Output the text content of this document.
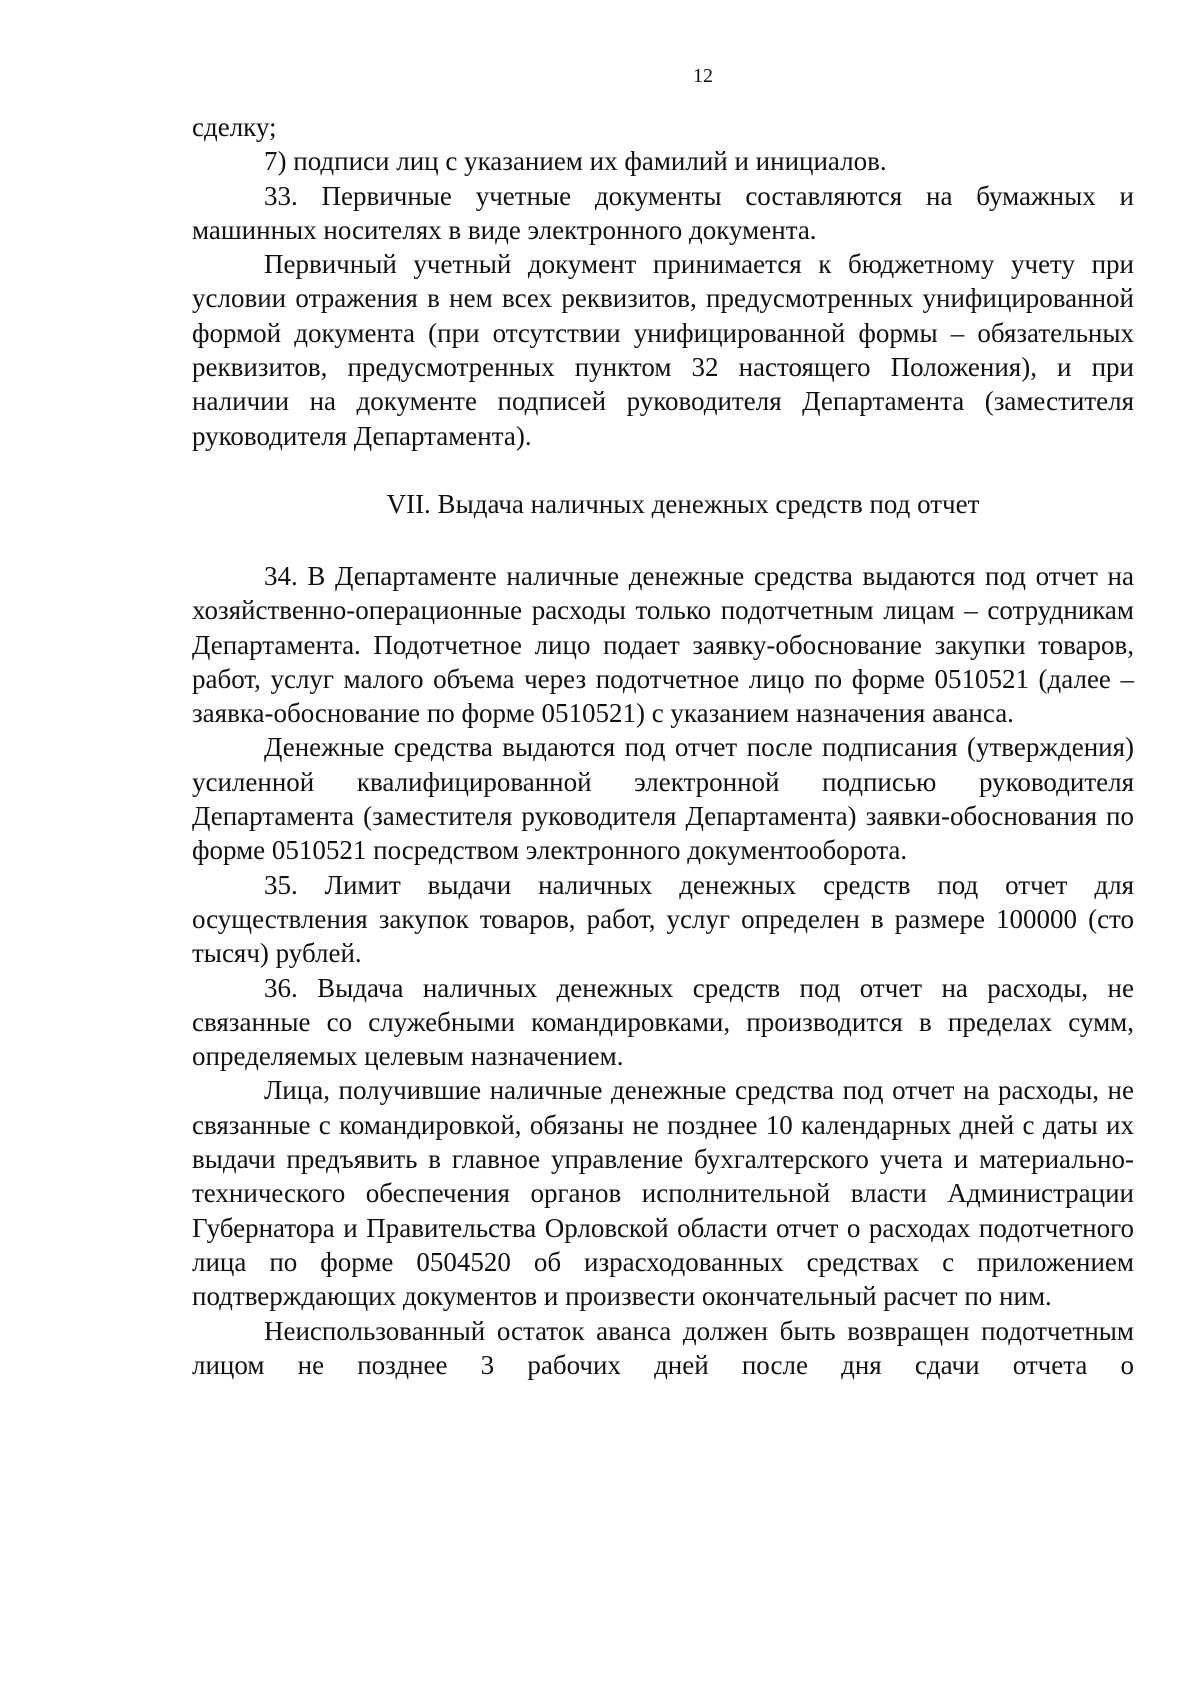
12

сделку;

7) подписи лиц с указанием их фамилий и инициалов.

33. Первичные учетные документы составляются на бумажных и машинных носителях в виде электронного документа.

Первичный учетный документ принимается к бюджетному учету при условии отражения в нем всех реквизитов, предусмотренных унифицированной формой документа (при отсутствии унифицированной формы – обязательных реквизитов, предусмотренных пунктом 32 настоящего Положения), и при наличии на документе подписей руководителя Департамента (заместителя руководителя Департамента).

VII. Выдача наличных денежных средств под отчет

34. В Департаменте наличные денежные средства выдаются под отчет на хозяйственно-операционные расходы только подотчетным лицам – сотрудникам Департамента. Подотчетное лицо подает заявку-обоснование закупки товаров, работ, услуг малого объема через подотчетное лицо по форме 0510521 (далее – заявка-обоснование по форме 0510521) с указанием назначения аванса.

Денежные средства выдаются под отчет после подписания (утверждения) усиленной квалифицированной электронной подписью руководителя Департамента (заместителя руководителя Департамента) заявки-обоснования по форме 0510521 посредством электронного документооборота.

35. Лимит выдачи наличных денежных средств под отчет для осуществления закупок товаров, работ, услуг определен в размере 100000 (сто тысяч) рублей.

36. Выдача наличных денежных средств под отчет на расходы, не связанные со служебными командировками, производится в пределах сумм, определяемых целевым назначением.

Лица, получившие наличные денежные средства под отчет на расходы, не связанные с командировкой, обязаны не позднее 10 календарных дней с даты их выдачи предъявить в главное управление бухгалтерского учета и материально-технического обеспечения органов исполнительной власти Администрации Губернатора и Правительства Орловской области отчет о расходах подотчетного лица по форме 0504520 об израсходованных средствах с приложением подтверждающих документов и произвести окончательный расчет по ним.

Неиспользованный остаток аванса должен быть возвращен подотчетным лицом не позднее 3 рабочих дней после дня сдачи отчета о
